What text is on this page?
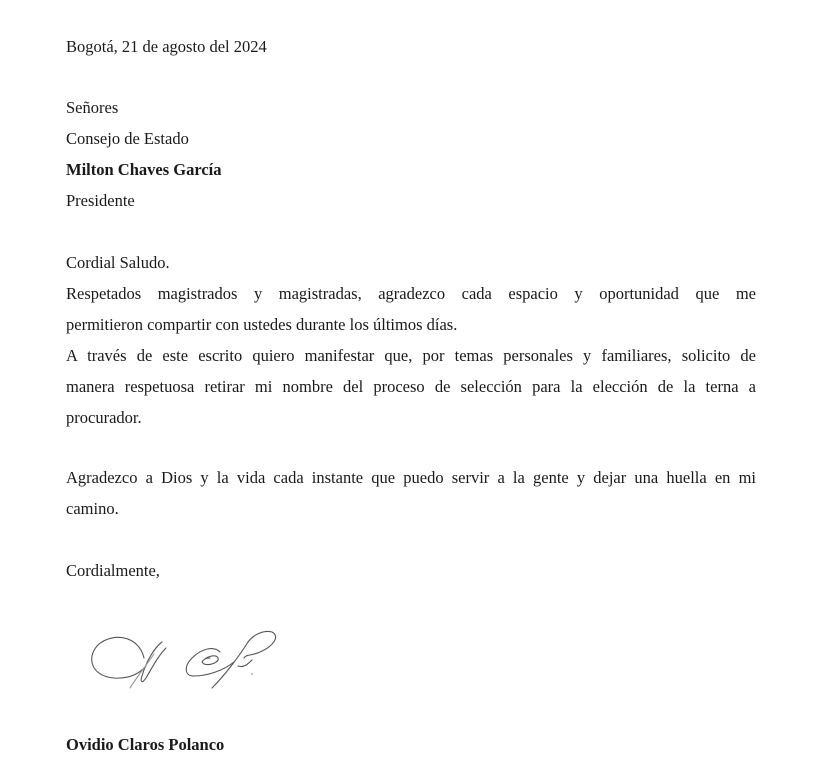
Bogotá, 21 de agosto del 2024
Señores
Consejo de Estado
Milton Chaves García
Presidente
Cordial Saludo.
Respetados magistrados y magistradas, agradezco cada espacio y oportunidad que me
permitieron compartir con ustedes durante los últimos días.
A través de este escrito quiero manifestar que, por temas personales y familiares, solicito de
manera respetuosa retirar mi nombre del proceso de selección para la elección de la terna a
procurador.
Agradezco a Dios y la vida cada instante que puedo servir a la gente y dejar una huella en mi
camino.
Cordialmente,
Ovidio Claros Polanco
